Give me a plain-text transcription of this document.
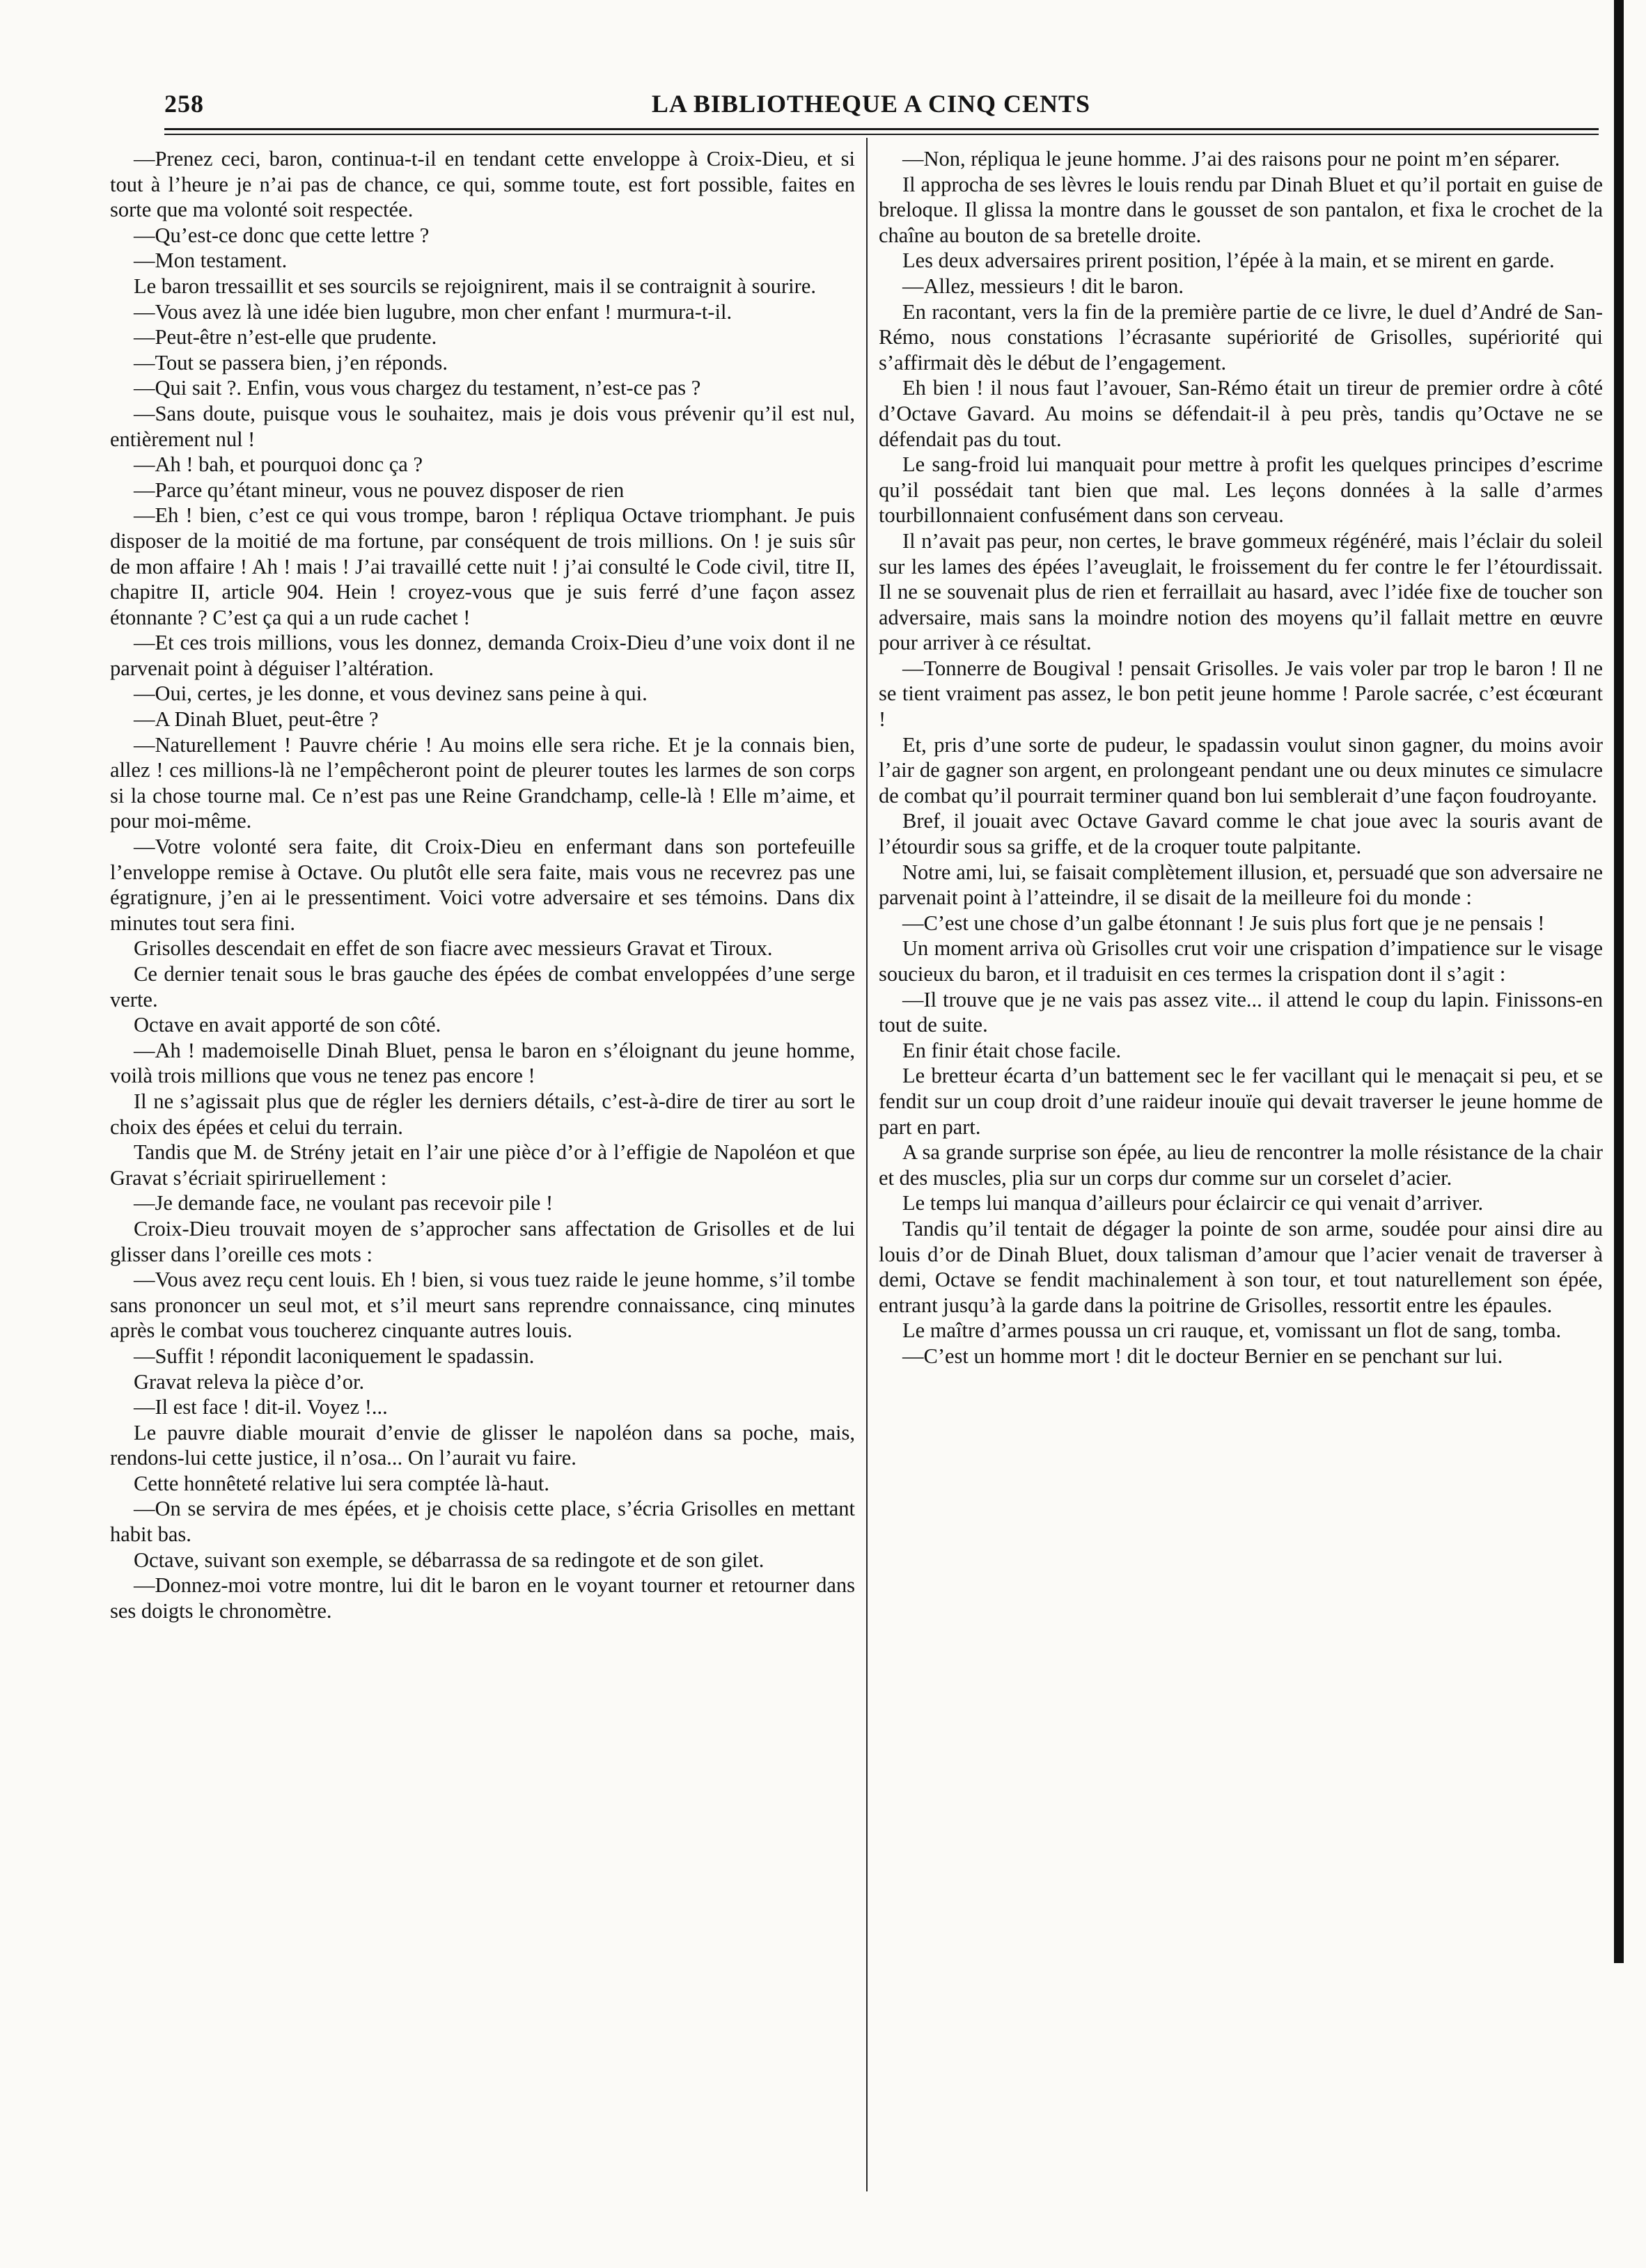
258	LA BIBLIOTHEQUE A CINQ CENTS

—Prenez ceci, baron, continua-t-il en tendant cette enveloppe à Croix-Dieu, et si tout à l’heure je n’ai pas de chance, ce qui, somme toute, est fort possible, faites en sorte que ma volonté soit respectée.

—Qu’est-ce donc que cette lettre ?

—Mon testament.

Le baron tressaillit et ses sourcils se rejoignirent, mais il se contraignit à sourire.

—Vous avez là une idée bien lugubre, mon cher enfant ! murmura-t-il.

—Peut-être n’est-elle que prudente.

—Tout se passera bien, j’en réponds.

—Qui sait ?. Enfin, vous vous chargez du testament, n’est-ce pas ?

—Sans doute, puisque vous le souhaitez, mais je dois vous prévenir qu’il est nul, entièrement nul !

—Ah ! bah, et pourquoi donc ça ?

—Parce qu’étant mineur, vous ne pouvez disposer de rien

—Eh ! bien, c’est ce qui vous trompe, baron ! répliqua Octave triomphant. Je puis disposer de la moitié de ma fortune, par conséquent de trois millions. On ! je suis sûr de mon affaire ! Ah ! mais ! J’ai travaillé cette nuit ! j’ai consulté le Code civil, titre II, chapitre II, article 904. Hein ! croyez-vous que je suis ferré d’une façon assez étonnante ? C’est ça qui a un rude cachet !

—Et ces trois millions, vous les donnez, demanda Croix-Dieu d’une voix dont il ne parvenait point à déguiser l’altération.

—Oui, certes, je les donne, et vous devinez sans peine à qui.

—A Dinah Bluet, peut-être ?

—Naturellement ! Pauvre chérie ! Au moins elle sera riche. Et je la connais bien, allez ! ces millions-là ne l’empêcheront point de pleurer toutes les larmes de son corps si la chose tourne mal. Ce n’est pas une Reine Grandchamp, celle-là ! Elle m’aime, et pour moi-même.

—Votre volonté sera faite, dit Croix-Dieu en enfermant dans son portefeuille l’enveloppe remise à Octave. Ou plutôt elle sera faite, mais vous ne recevrez pas une égratignure, j’en ai le pressentiment. Voici votre adversaire et ses témoins. Dans dix minutes tout sera fini.

Grisolles descendait en effet de son fiacre avec messieurs Gravat et Tiroux.

Ce dernier tenait sous le bras gauche des épées de combat enveloppées d’une serge verte.

Octave en avait apporté de son côté.

—Ah ! mademoiselle Dinah Bluet, pensa le baron en s’éloignant du jeune homme, voilà trois millions que vous ne tenez pas encore !

Il ne s’agissait plus que de régler les derniers détails, c’est-à-dire de tirer au sort le choix des épées et celui du terrain.

Tandis que M. de Strény jetait en l’air une pièce d’or à l’effigie de Napoléon et que Gravat s’écriait spiriruellement :

—Je demande face, ne voulant pas recevoir pile !

Croix-Dieu trouvait moyen de s’approcher sans affectation de Grisolles et de lui glisser dans l’oreille ces mots :

—Vous avez reçu cent louis. Eh ! bien, si vous tuez raide le jeune homme, s’il tombe sans prononcer un seul mot, et s’il meurt sans reprendre connaissance, cinq minutes après le combat vous toucherez cinquante autres louis.

—Suffit ! répondit laconiquement le spadassin.

Gravat releva la pièce d’or.

—Il est face ! dit-il. Voyez !...

Le pauvre diable mourait d’envie de glisser le napoléon dans sa poche, mais, rendons-lui cette justice, il n’osa... On l’aurait vu faire.

Cette honnêteté relative lui sera comptée là-haut.

—On se servira de mes épées, et je choisis cette place, s’écria Grisolles en mettant habit bas.

Octave, suivant son exemple, se débarrassa de sa redingote et de son gilet.

—Donnez-moi votre montre, lui dit le baron en le voyant tourner et retourner dans ses doigts le chronomètre.

—Non, répliqua le jeune homme. J’ai des raisons pour ne point m’en séparer.

Il approcha de ses lèvres le louis rendu par Dinah Bluet et qu’il portait en guise de breloque. Il glissa la montre dans le gousset de son pantalon, et fixa le crochet de la chaîne au bouton de sa bretelle droite.

Les deux adversaires prirent position, l’épée à la main, et se mirent en garde.

—Allez, messieurs ! dit le baron.

En racontant, vers la fin de la première partie de ce livre, le duel d’André de San-Rémo, nous constations l’écrasante supériorité de Grisolles, supériorité qui s’affirmait dès le début de l’engagement.

Eh bien ! il nous faut l’avouer, San-Rémo était un tireur de premier ordre à côté d’Octave Gavard. Au moins se défendait-il à peu près, tandis qu’Octave ne se défendait pas du tout.

Le sang-froid lui manquait pour mettre à profit les quelques principes d’escrime qu’il possédait tant bien que mal. Les leçons données à la salle d’armes tourbillonnaient confusément dans son cerveau.

Il n’avait pas peur, non certes, le brave gommeux régénéré, mais l’éclair du soleil sur les lames des épées l’aveuglait, le froissement du fer contre le fer l’étourdissait. Il ne se souvenait plus de rien et ferraillait au hasard, avec l’idée fixe de toucher son adversaire, mais sans la moindre notion des moyens qu’il fallait mettre en œuvre pour arriver à ce résultat.

—Tonnerre de Bougival ! pensait Grisolles. Je vais voler par trop le baron ! Il ne se tient vraiment pas assez, le bon petit jeune homme ! Parole sacrée, c’est écœurant !

Et, pris d’une sorte de pudeur, le spadassin voulut sinon gagner, du moins avoir l’air de gagner son argent, en prolongeant pendant une ou deux minutes ce simulacre de combat qu’il pourrait terminer quand bon lui semblerait d’une façon foudroyante.

Bref, il jouait avec Octave Gavard comme le chat joue avec la souris avant de l’étourdir sous sa griffe, et de la croquer toute palpitante.

Notre ami, lui, se faisait complètement illusion, et, persuadé que son adversaire ne parvenait point à l’atteindre, il se disait de la meilleure foi du monde :

—C’est une chose d’un galbe étonnant ! Je suis plus fort que je ne pensais !

Un moment arriva où Grisolles crut voir une crispation d’impatience sur le visage soucieux du baron, et il traduisit en ces termes la crispation dont il s’agit :

—Il trouve que je ne vais pas assez vite... il attend le coup du lapin. Finissons-en tout de suite.

En finir était chose facile.

Le bretteur écarta d’un battement sec le fer vacillant qui le menaçait si peu, et se fendit sur un coup droit d’une raideur inouïe qui devait traverser le jeune homme de part en part.

A sa grande surprise son épée, au lieu de rencontrer la molle résistance de la chair et des muscles, plia sur un corps dur comme sur un corselet d’acier.

Le temps lui manqua d’ailleurs pour éclaircir ce qui venait d’arriver.

Tandis qu’il tentait de dégager la pointe de son arme, soudée pour ainsi dire au louis d’or de Dinah Bluet, doux talisman d’amour que l’acier venait de traverser à demi, Octave se fendit machinalement à son tour, et tout naturellement son épée, entrant jusqu’à la garde dans la poitrine de Grisolles, ressortit entre les épaules.

Le maître d’armes poussa un cri rauque, et, vomissant un flot de sang, tomba.

—C’est un homme mort ! dit le docteur Bernier en se penchant sur lui.
